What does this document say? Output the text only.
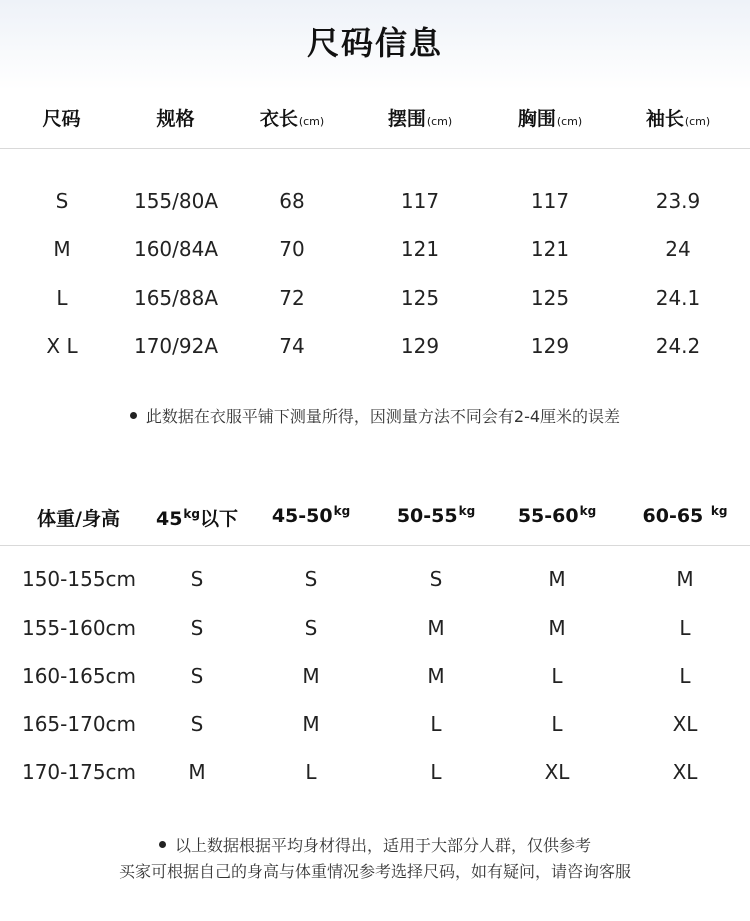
尺码信息
尺码	规格	衣长(cm)	摆围(cm)	胸围(cm)	袖长(cm)
S	155/80A	68	117	117	23.9
M	160/84A	70	121	121	24
L	165/88A	72	125	125	24.1
X L	170/92A	74	129	129	24.2
此数据在衣服平铺下测量所得，因测量方法不同会有2-4厘米的误差
体重/身高 $45^{kg}$以下 $45-50^{kg}$ $50-55^{kg}$ $55-60^{kg}$ 60-65 $^{kg}$
150-155cm	S	S	S	M	M
155-160cm	S	S	M	M	L
160-165cm	S	M	M	L	L
165-170cm	S	M	L	L	XL
170-175cm	M	L	L	XL	XL
以上数据根据平均身材得出，适用于大部分人群，仅供参考
买家可根据自己的身高与体重情况参考选择尺码，如有疑问，请咨询客服
